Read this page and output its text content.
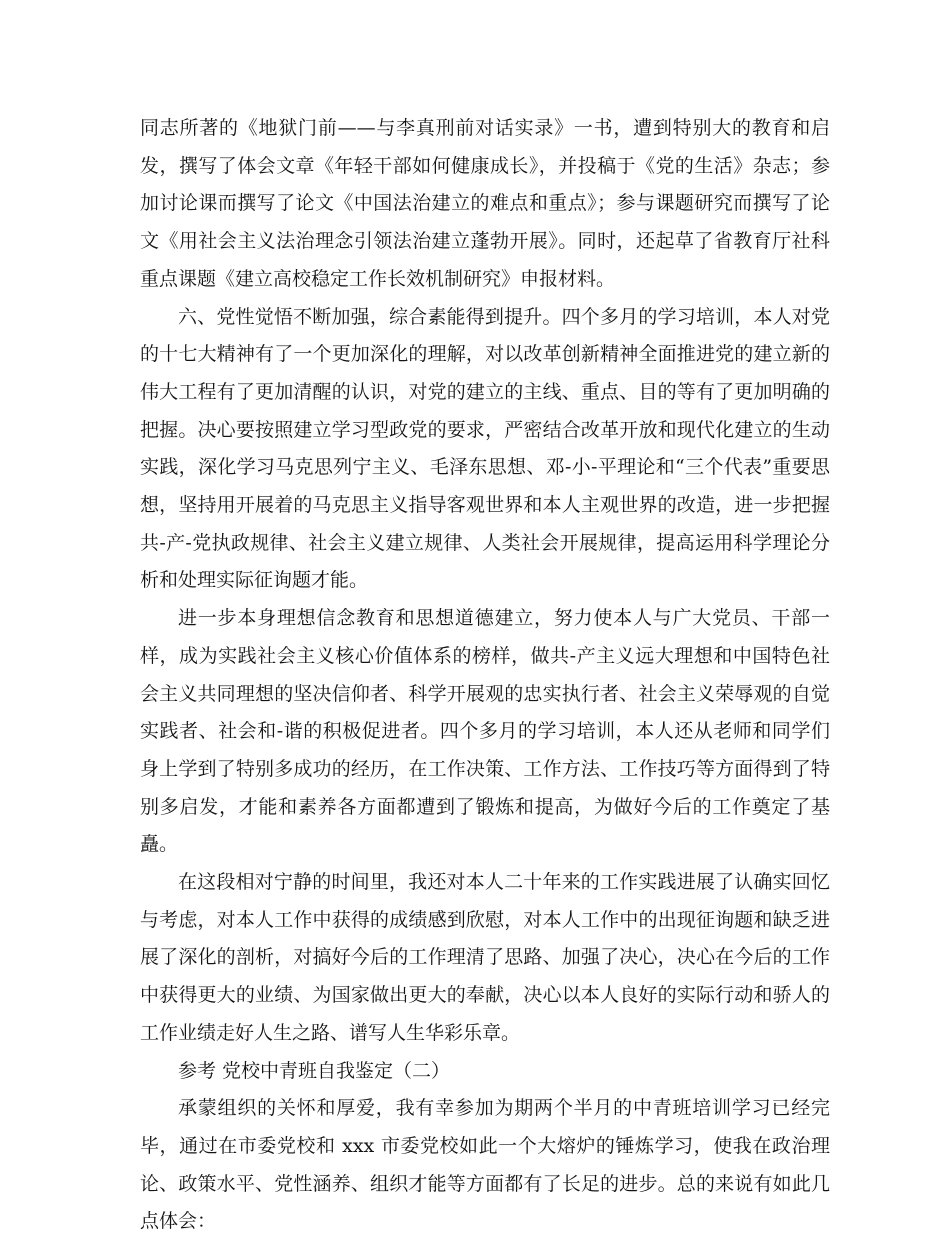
同志所著的《地狱门前——与李真刑前对话实录》一书，遭到特别大的教育和启发，撰写了体会文章《年轻干部如何健康成长》，并投稿于《党的生活》杂志；参加讨论课而撰写了论文《中国法治建立的难点和重点》；参与课题研究而撰写了论文《用社会主义法治理念引领法治建立蓬勃开展》。同时，还起草了省教育厅社科重点课题《建立高校稳定工作长效机制研究》申报材料。

六、党性觉悟不断加强，综合素能得到提升。四个多月的学习培训，本人对党的十七大精神有了一个更加深化的理解，对以改革创新精神全面推进党的建立新的伟大工程有了更加清醒的认识，对党的建立的主线、重点、目的等有了更加明确的把握。决心要按照建立学习型政党的要求，严密结合改革开放和现代化建立的生动实践，深化学习马克思列宁主义、毛泽东思想、邓-小-平理论和“三个代表”重要思想，坚持用开展着的马克思主义指导客观世界和本人主观世界的改造，进一步把握共-产-党执政规律、社会主义建立规律、人类社会开展规律，提高运用科学理论分析和处理实际征询题才能。

进一步本身理想信念教育和思想道德建立，努力使本人与广大党员、干部一样，成为实践社会主义核心价值体系的榜样，做共-产主义远大理想和中国特色社会主义共同理想的坚决信仰者、科学开展观的忠实执行者、社会主义荣辱观的自觉实践者、社会和-谐的积极促进者。四个多月的学习培训，本人还从老师和同学们身上学到了特别多成功的经历，在工作决策、工作方法、工作技巧等方面得到了特别多启发，才能和素养各方面都遭到了锻炼和提高，为做好今后的工作奠定了基矗。

在这段相对宁静的时间里，我还对本人二十年来的工作实践进展了认确实回忆与考虑，对本人工作中获得的成绩感到欣慰，对本人工作中的出现征询题和缺乏进展了深化的剖析，对搞好今后的工作理清了思路、加强了决心，决心在今后的工作中获得更大的业绩、为国家做出更大的奉献，决心以本人良好的实际行动和骄人的工作业绩走好人生之路、谱写人生华彩乐章。

参考 党校中青班自我鉴定（二）

承蒙组织的关怀和厚爱，我有幸参加为期两个半月的中青班培训学习已经完毕，通过在市委党校和 xxx 市委党校如此一个大熔炉的锤炼学习，使我在政治理论、政策水平、党性涵养、组织才能等方面都有了长足的进步。总的来说有如此几点体会：
